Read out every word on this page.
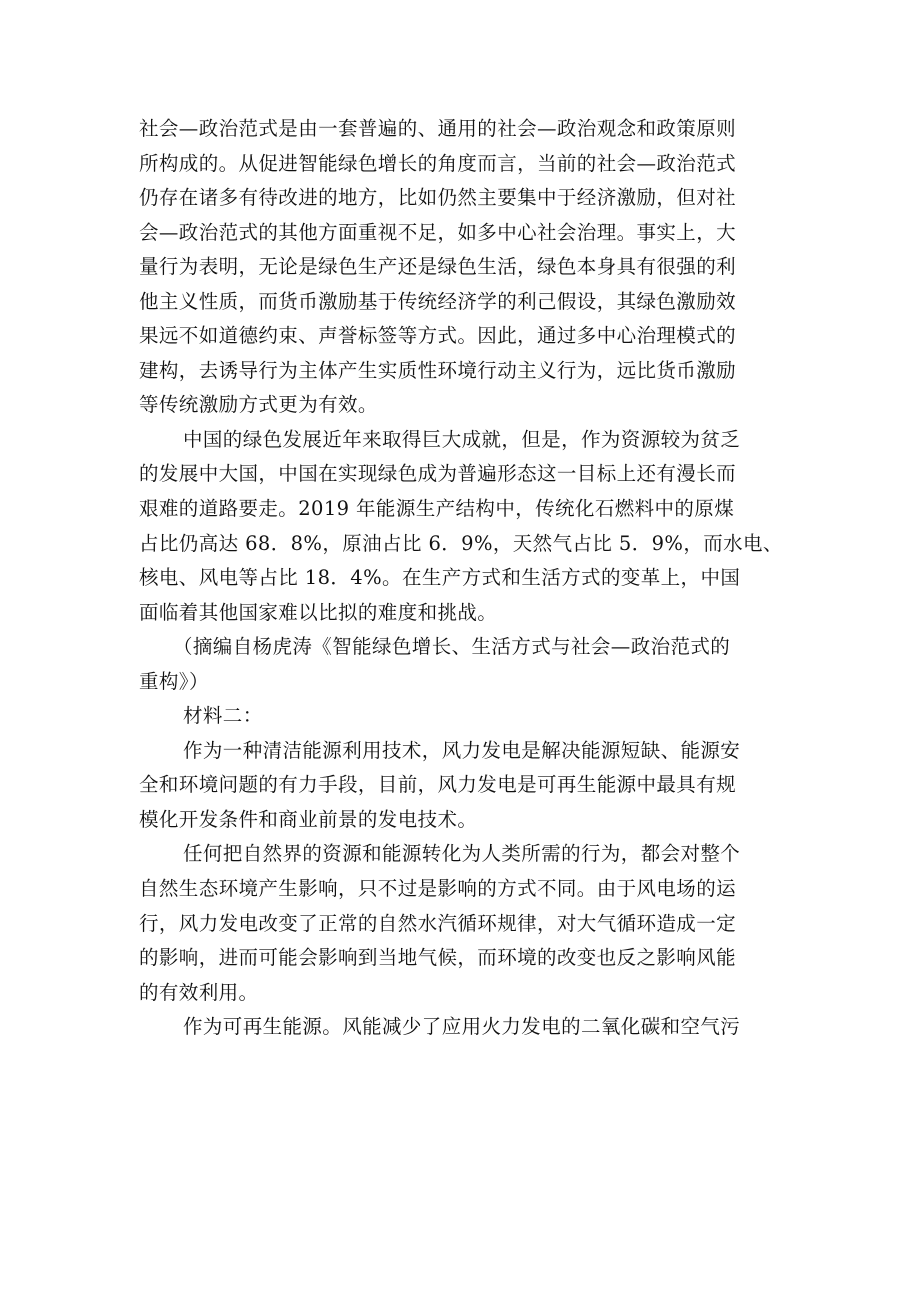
社会—政治范式是由一套普遍的、通用的社会—政治观念和政策原则
所构成的。从促进智能绿色增长的角度而言，当前的社会—政治范式
仍存在诸多有待改进的地方，比如仍然主要集中于经济激励，但对社
会—政治范式的其他方面重视不足，如多中心社会治理。事实上，大
量行为表明，无论是绿色生产还是绿色生活，绿色本身具有很强的利
他主义性质，而货币激励基于传统经济学的利己假设，其绿色激励效
果远不如道德约束、声誉标签等方式。因此，通过多中心治理模式的
建构，去诱导行为主体产生实质性环境行动主义行为，远比货币激励
等传统激励方式更为有效。
中国的绿色发展近年来取得巨大成就，但是，作为资源较为贫乏
的发展中大国，中国在实现绿色成为普遍形态这一目标上还有漫长而
艰难的道路要走。2019 年能源生产结构中，传统化石燃料中的原煤
占比仍高达 68．8%，原油占比 6．9%，天然气占比 5．9%，而水电、
核电、风电等占比 18．4%。在生产方式和生活方式的变革上，中国
面临着其他国家难以比拟的难度和挑战。
（摘编自杨虎涛《智能绿色增长、生活方式与社会—政治范式的
重构》）
材料二：
作为一种清洁能源利用技术，风力发电是解决能源短缺、能源安
全和环境问题的有力手段，目前，风力发电是可再生能源中最具有规
模化开发条件和商业前景的发电技术。
任何把自然界的资源和能源转化为人类所需的行为，都会对整个
自然生态环境产生影响，只不过是影响的方式不同。由于风电场的运
行，风力发电改变了正常的自然水汽循环规律，对大气循环造成一定
的影响，进而可能会影响到当地气候，而环境的改变也反之影响风能
的有效利用。
作为可再生能源。风能减少了应用火力发电的二氧化碳和空气污
